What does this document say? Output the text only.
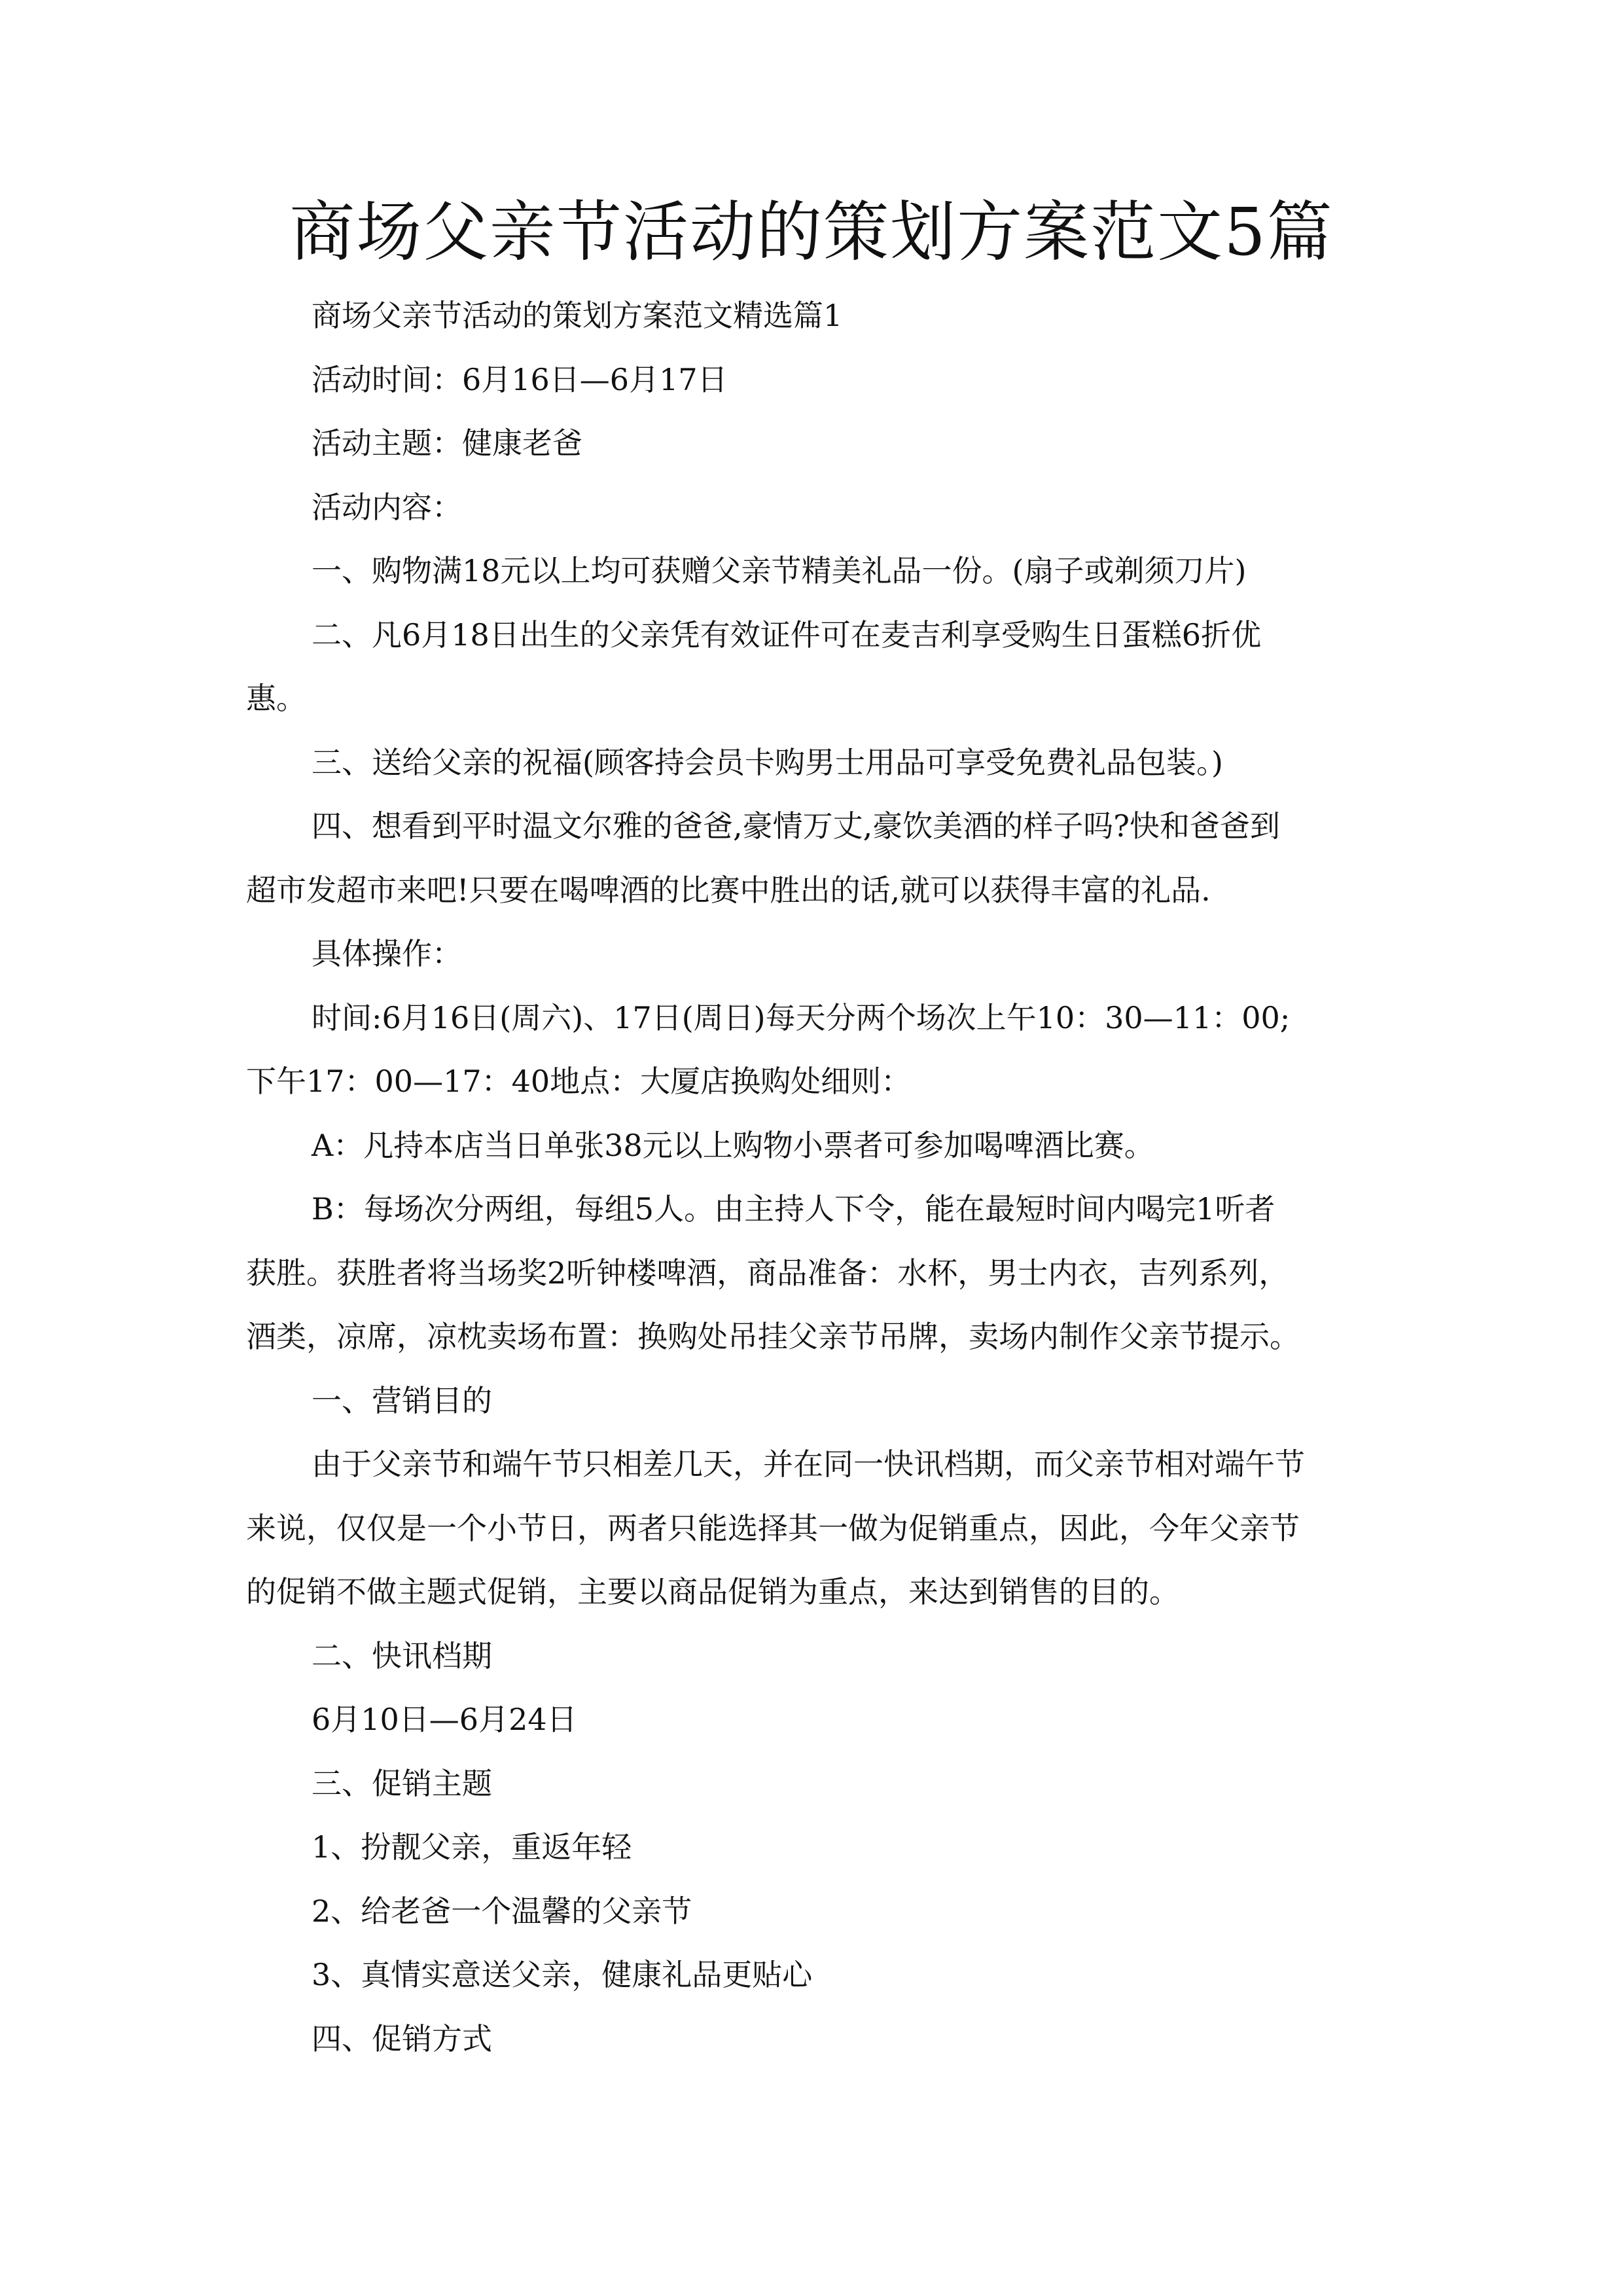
商场父亲节活动的策划方案范文5篇
商场父亲节活动的策划方案范文精选篇1
活动时间：6月16日—6月17日
活动主题：健康老爸
活动内容：
一、购物满18元以上均可获赠父亲节精美礼品一份。(扇子或剃须刀片)
二、凡6月18日出生的父亲凭有效证件可在麦吉利享受购生日蛋糕6折优
惠。
三、送给父亲的祝福(顾客持会员卡购男士用品可享受免费礼品包装。)
四、想看到平时温文尔雅的爸爸,豪情万丈,豪饮美酒的样子吗?快和爸爸到
超市发超市来吧!只要在喝啤酒的比赛中胜出的话,就可以获得丰富的礼品.
具体操作：
时间:6月16日(周六)、17日(周日)每天分两个场次上午10：30—11：00;
下午17：00—17：40地点：大厦店换购处细则：
A：凡持本店当日单张38元以上购物小票者可参加喝啤酒比赛。
B：每场次分两组，每组5人。由主持人下令，能在最短时间内喝完1听者
获胜。获胜者将当场奖2听钟楼啤酒，商品准备：水杯，男士内衣，吉列系列，
酒类，凉席，凉枕卖场布置：换购处吊挂父亲节吊牌，卖场内制作父亲节提示。
一、营销目的
由于父亲节和端午节只相差几天，并在同一快讯档期，而父亲节相对端午节
来说，仅仅是一个小节日，两者只能选择其一做为促销重点，因此，今年父亲节
的促销不做主题式促销，主要以商品促销为重点，来达到销售的目的。
二、快讯档期
6月10日—6月24日
三、促销主题
1、扮靓父亲，重返年轻
2、给老爸一个温馨的父亲节
3、真情实意送父亲，健康礼品更贴心
四、促销方式
